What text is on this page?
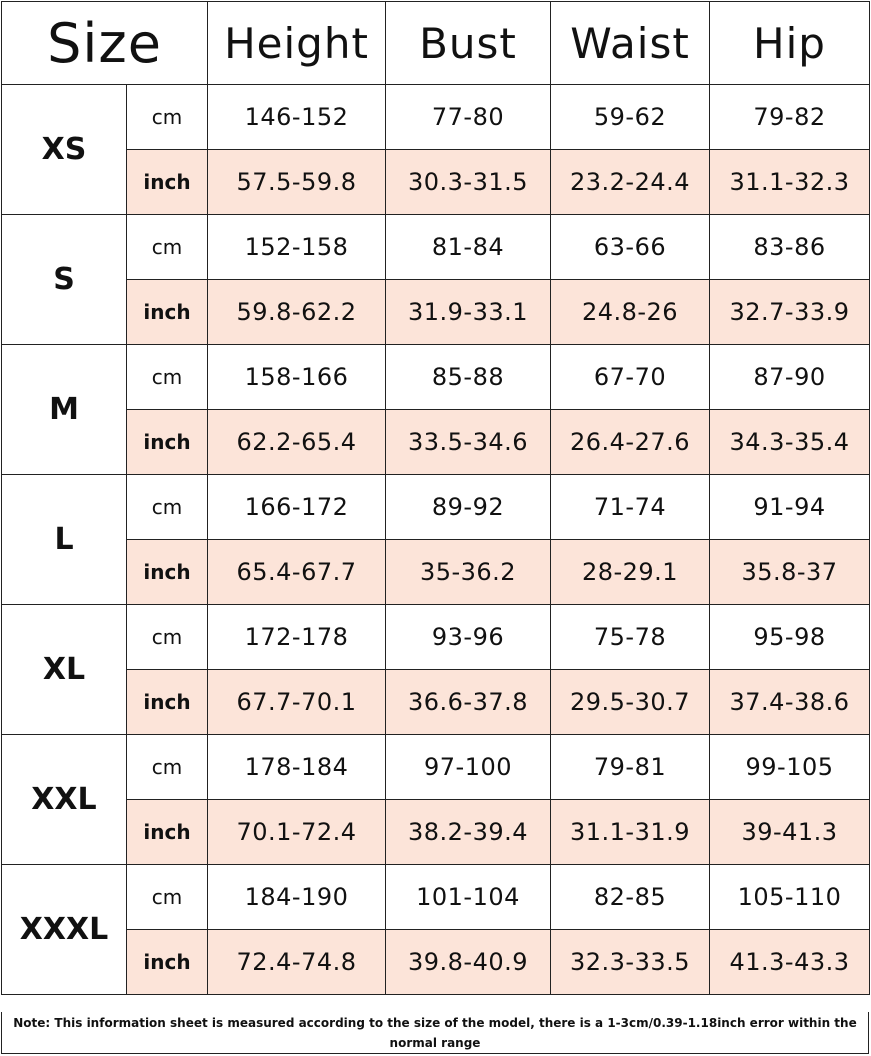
Size		Height	Bust	Waist	Hip
XS	cm	146-152	77-80	59-62	79-82
	inch	57.5-59.8	30.3-31.5	23.2-24.4	31.1-32.3
S	cm	152-158	81-84	63-66	83-86
	inch	59.8-62.2	31.9-33.1	24.8-26	32.7-33.9
M	cm	158-166	85-88	67-70	87-90
	inch	62.2-65.4	33.5-34.6	26.4-27.6	34.3-35.4
L	cm	166-172	89-92	71-74	91-94
	inch	65.4-67.7	35-36.2	28-29.1	35.8-37
XL	cm	172-178	93-96	75-78	95-98
	inch	67.7-70.1	36.6-37.8	29.5-30.7	37.4-38.6
XXL	cm	178-184	97-100	79-81	99-105
	inch	70.1-72.4	38.2-39.4	31.1-31.9	39-41.3
XXXL	cm	184-190	101-104	82-85	105-110
	inch	72.4-74.8	39.8-40.9	32.3-33.5	41.3-43.3
Note: This information sheet is measured according to the size of the model, there is a 1-3cm/0.39-1.18inch error within the normal range
